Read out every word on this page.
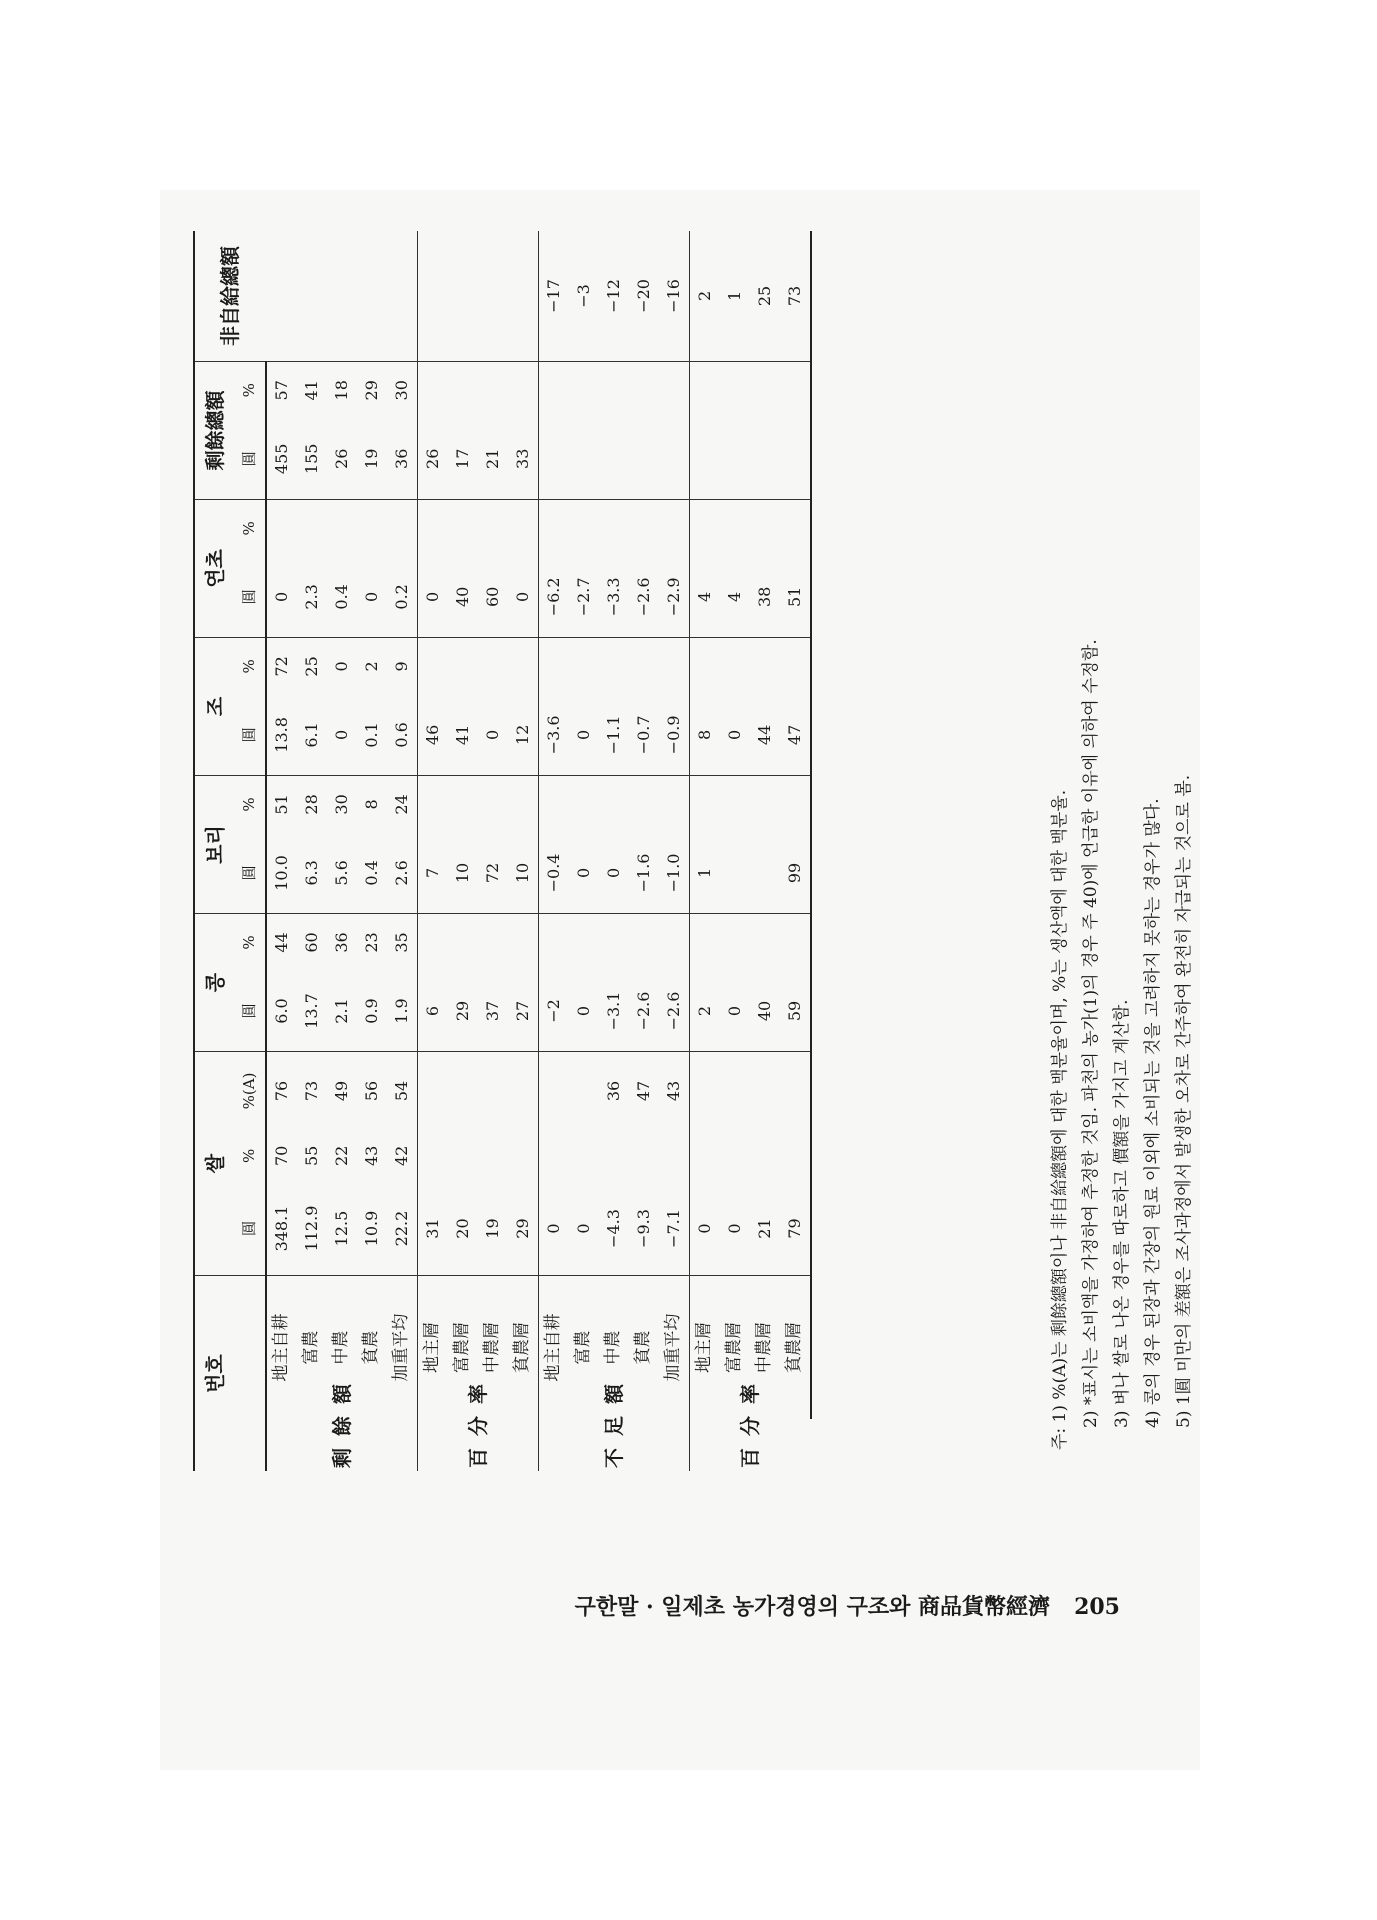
번호		쌀			콩		보리		조		연초		剩餘總額		非自給總額
		圓	%	%(A)	圓	%	圓	%	圓	%	圓	%	圓	%	
剩餘額	地主自耕	348.1	70	76	6.0	44	10.0	51	13.8	72	0		455	57	
	富農	112.9	55	73	13.7	60	6.3	28	6.1	25	2.3		155	41	
	中農	12.5	22	49	2.1	36	5.6	30	0	0	0.4		26	18	
	貧農	10.9	43	56	0.9	23	0.4	8	0.1	2	0		19	29	
	加重平均	22.2	42	54	1.9	35	2.6	24	0.6	9	0.2		36	30	
百分率	地主層	31			6		7		46		0		26		
	富農層	20			29		10		41		40		17		
	中農層	19			37		72		0		60		21		
	貧農層	29			27		10		12		0		33		
不足額	地主自耕	0			−2		−0.4		−3.6		−6.2				−17
	富農	0			0		0		0		−2.7				−3
	中農	−4.3		36	−3.1		0		−1.1		−3.3				−12
	貧農	−9.3		47	−2.6		−1.6		−0.7		−2.6				−20
	加重平均	−7.1		43	−2.6		−1.0		−0.9		−2.9				−16
百分率	地主層	0			2		1		8		4				2
	富農層	0			0				0		4				1
	中農層	21			40				44		38				25
	貧農層	79			59		99		47		51				73
주: 1) %(A)는 剩餘總額이나 非自給總額에 대한 백분율이며, %는 생산액에 대한 백분율. 2) *표시는 소비액을 가정하여 추정한 것임. 파천의 농가(1)의 경우 주 40)에 언급한 이유에 의하여 수정함. 3) 벼나 쌀로 나온 경우를 따로하고 價額을 가지고 계산함. 4) 콩의 경우 된장과 간장의 원료 이외에 소비되는 것을 고려하지 못하는 경우가 많다. 5) 1圓 미만의 差額은 조사과정에서 발생한 오차로 간주하여 완전히 자급되는 것으로 봄.
구한말 · 일제초 농가경영의 구조와 商品貨幣經濟 205
